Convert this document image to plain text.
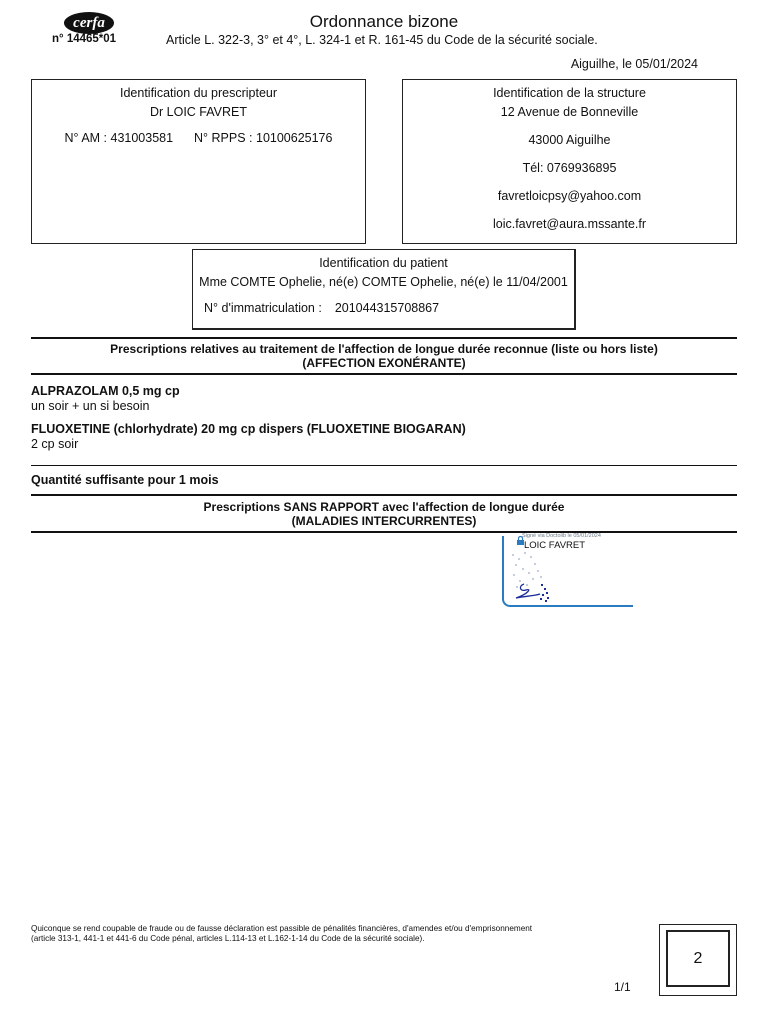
cerfa
n° 14465*01
Ordonnance bizone
Article L. 322-3, 3° et 4°, L. 324-1 et R. 161-45 du Code de la sécurité sociale.
Aiguilhe, le 05/01/2024
Identification du prescripteur
Dr LOIC FAVRET
N° AM : 431003581 N° RPPS : 10100625176
Identification de la structure
12 Avenue de Bonneville
43000 Aiguilhe
Tél: 0769936895
favretloicpsy@yahoo.com
loic.favret@aura.mssante.fr
Identification du patient
Mme COMTE Ophelie, né(e) COMTE Ophelie, né(e) le 11/04/2001
N° d'immatriculation : 201044315708867
Prescriptions relatives au traitement de l'affection de longue durée reconnue (liste ou hors liste)
(AFFECTION EXONÉRANTE)
ALPRAZOLAM 0,5 mg cp
un soir + un si besoin
FLUOXETINE (chlorhydrate) 20 mg cp dispers (FLUOXETINE BIOGARAN)
2 cp soir
Quantité suffisante pour 1 mois
Prescriptions SANS RAPPORT avec l'affection de longue durée
(MALADIES INTERCURRENTES)
Signé via Doctolib le 05/01/2024
LOIC FAVRET
Quiconque se rend coupable de fraude ou de fausse déclaration est passible de pénalités financières, d'amendes et/ou d'emprisonnement
(article 313-1, 441-1 et 441-6 du Code pénal, articles L.114-13 et L.162-1-14 du Code de la sécurité sociale).
1/1
2
